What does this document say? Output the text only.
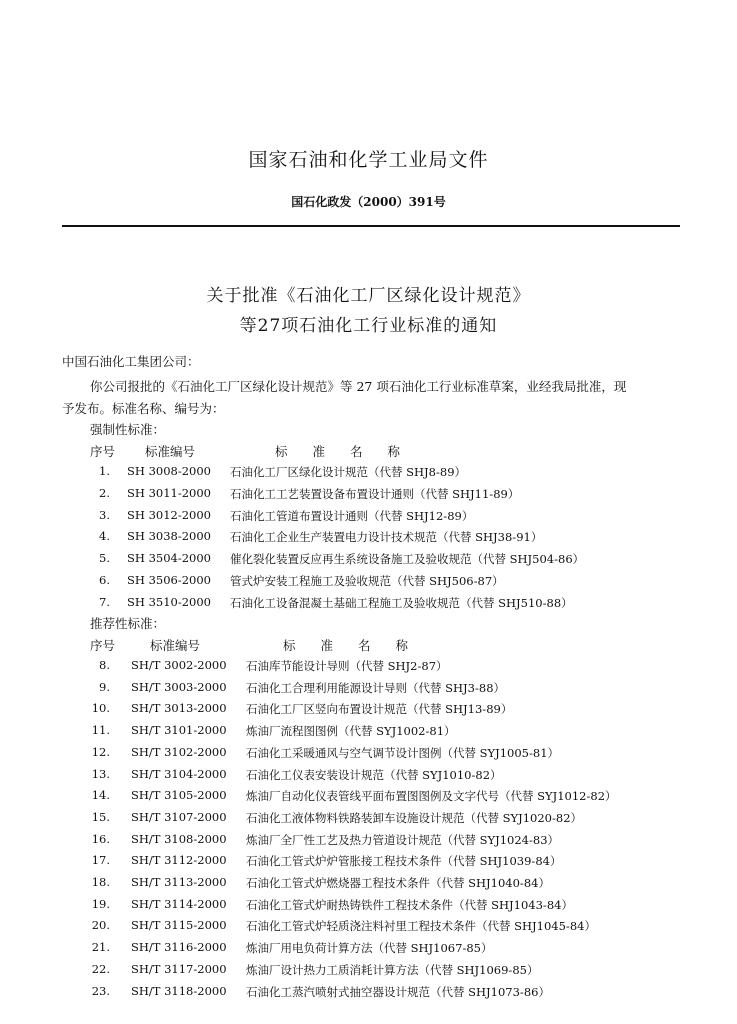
国家石油和化学工业局文件
国石化政发（2000）391号
关于批准《石油化工厂区绿化设计规范》
等27项石油化工行业标准的通知
中国石油化工集团公司：
你公司报批的《石油化工厂区绿化设计规范》等 27 项石油化工行业标准草案，业经我局批准，现
予发布。标准名称、编号为：
强制性标准：
序号 标准编号	标　　准　　名　　称
1. SH 3008-2000 石油化工厂区绿化设计规范（代替 SHJ8-89）
2. SH 3011-2000 石油化工工艺装置设备布置设计通则（代替 SHJ11-89）
3. SH 3012-2000 石油化工管道布置设计通则（代替 SHJ12-89）
4. SH 3038-2000 石油化工企业生产装置电力设计技术规范（代替 SHJ38-91）
5. SH 3504-2000 催化裂化装置反应再生系统设备施工及验收规范（代替 SHJ504-86）
6. SH 3506-2000 管式炉安装工程施工及验收规范（代替 SHJ506-87）
7. SH 3510-2000 石油化工设备混凝土基础工程施工及验收规范（代替 SHJ510-88）
推荐性标准：
序号	标准编号	标　　准　　名　　称
8. SH/T 3002-2000 石油库节能设计导则（代替 SHJ2-87）
9. SH/T 3003-2000 石油化工合理利用能源设计导则（代替 SHJ3-88）
10. SH/T 3013-2000 石油化工厂区竖向布置设计规范（代替 SHJ13-89）
11. SH/T 3101-2000 炼油厂流程图图例（代替 SYJ1002-81）
12. SH/T 3102-2000 石油化工采暖通风与空气调节设计图例（代替 SYJ1005-81）
13. SH/T 3104-2000 石油化工仪表安装设计规范（代替 SYJ1010-82）
14. SH/T 3105-2000 炼油厂自动化仪表管线平面布置图图例及文字代号（代替 SYJ1012-82）
15. SH/T 3107-2000 石油化工液体物料铁路装卸车设施设计规范（代替 SYJ1020-82）
16. SH/T 3108-2000 炼油厂全厂性工艺及热力管道设计规范（代替 SYJ1024-83）
17. SH/T 3112-2000 石油化工管式炉炉管胀接工程技术条件（代替 SHJ1039-84）
18. SH/T 3113-2000 石油化工管式炉燃烧器工程技术条件（代替 SHJ1040-84）
19. SH/T 3114-2000 石油化工管式炉耐热铸铁件工程技术条件（代替 SHJ1043-84）
20. SH/T 3115-2000 石油化工管式炉轻质浇注料衬里工程技术条件（代替 SHJ1045-84）
21. SH/T 3116-2000 炼油厂用电负荷计算方法（代替 SHJ1067-85）
22. SH/T 3117-2000 炼油厂设计热力工质消耗计算方法（代替 SHJ1069-85）
23. SH/T 3118-2000 石油化工蒸汽喷射式抽空器设计规范（代替 SHJ1073-86）
